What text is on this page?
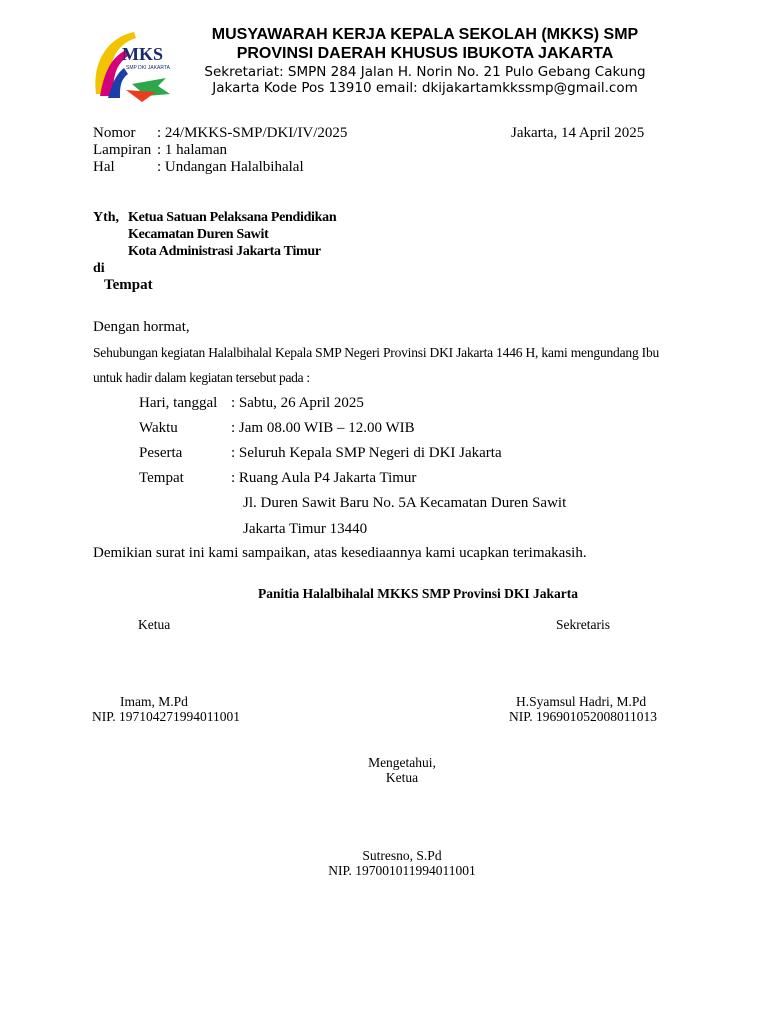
MKS
SMP DKI JAKARTA
MUSYAWARAH KERJA KEPALA SEKOLAH (MKKS) SMP
PROVINSI DAERAH KHUSUS IBUKOTA JAKARTA
Sekretariat: SMPN 284 Jalan H. Norin No. 21 Pulo Gebang Cakung
Jakarta Kode Pos 13910 email: dkijakartamkkssmp@gmail.com
Nomor : 24/MKKS-SMP/DKI/IV/2025	Jakarta, 14 April 2025
Lampiran : 1 halaman
Hal	: Undangan Halalbihalal
Yth, Ketua Satuan Pelaksana Pendidikan
Kecamatan Duren Sawit
Kota Administrasi Jakarta Timur
di
Tempat
Dengan hormat,
Sehubungan kegiatan Halalbihalal Kepala SMP Negeri Provinsi DKI Jakarta 1446 H, kami mengundang Ibu
untuk hadir dalam kegiatan tersebut pada :
Hari, tanggal : Sabtu, 26 April 2025
Waktu	: Jam 08.00 WIB – 12.00 WIB
Peserta	: Seluruh Kepala SMP Negeri di DKI Jakarta
Tempat	: Ruang Aula P4 Jakarta Timur
Jl. Duren Sawit Baru No. 5A Kecamatan Duren Sawit
Jakarta Timur 13440
Demikian surat ini kami sampaikan, atas kesediaannya kami ucapkan terimakasih.
Panitia Halalbihalal MKKS SMP Provinsi DKI Jakarta
Ketua	Sekretaris
Imam, M.Pd
NIP. 197104271994011001
H.Syamsul Hadri, M.Pd
NIP. 196901052008011013
Mengetahui,
Ketua
Sutresno, S.Pd
NIP. 197001011994011001
